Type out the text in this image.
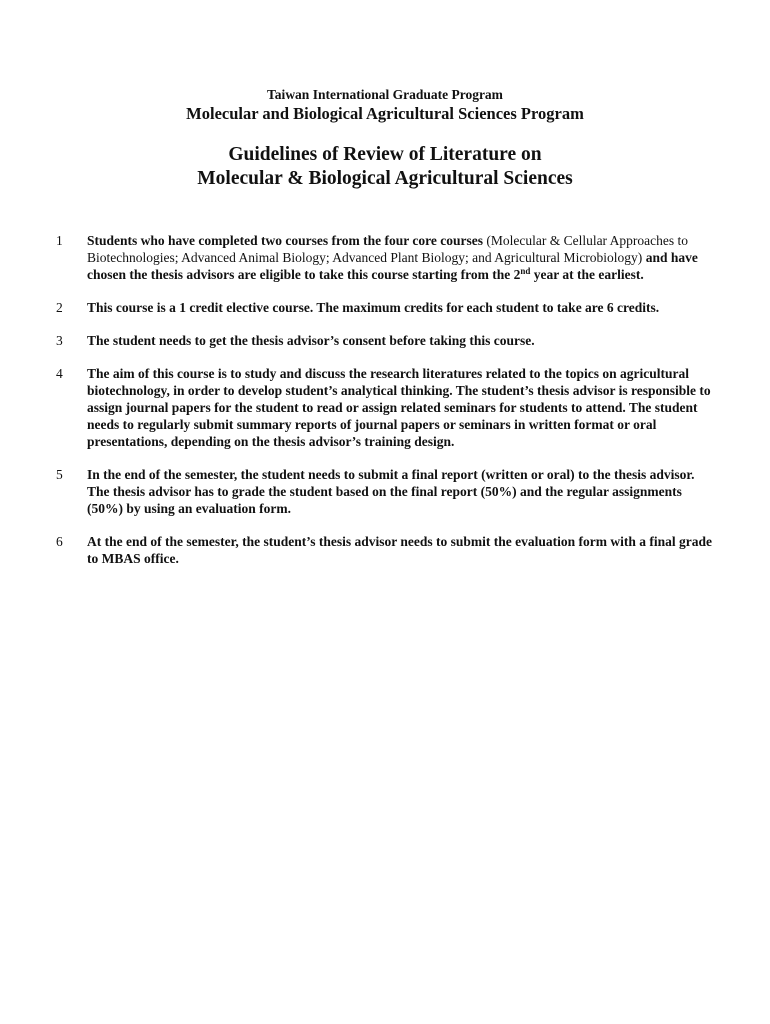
Taiwan International Graduate Program
Molecular and Biological Agricultural Sciences Program
Guidelines of Review of Literature on
Molecular & Biological Agricultural Sciences
1	Students who have completed two courses from the four core courses (Molecular & Cellular Approaches to Biotechnologies; Advanced Animal Biology; Advanced Plant Biology; and Agricultural Microbiology) and have chosen the thesis advisors are eligible to take this course starting from the 2nd year at the earliest.
2	This course is a 1 credit elective course. The maximum credits for each student to take are 6 credits.
3	The student needs to get the thesis advisor’s consent before taking this course.
4	The aim of this course is to study and discuss the research literatures related to the topics on agricultural biotechnology, in order to develop student’s analytical thinking. The student’s thesis advisor is responsible to assign journal papers for the student to read or assign related seminars for students to attend. The student needs to regularly submit summary reports of journal papers or seminars in written format or oral presentations, depending on the thesis advisor’s training design.
5	In the end of the semester, the student needs to submit a final report (written or oral) to the thesis advisor. The thesis advisor has to grade the student based on the final report (50%) and the regular assignments (50%) by using an evaluation form.
6	At the end of the semester, the student’s thesis advisor needs to submit the evaluation form with a final grade to MBAS office.
